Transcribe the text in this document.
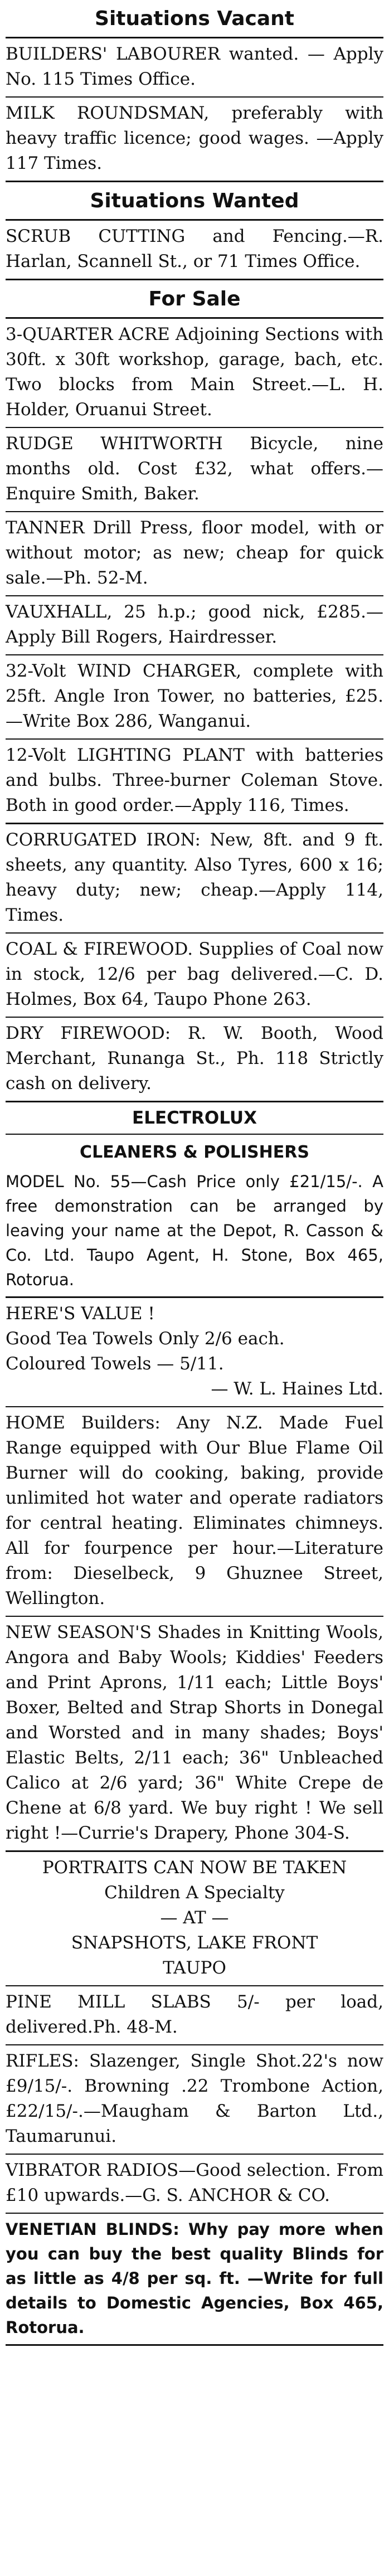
Situations Vacant
BUILDERS' LABOURER wanted. — Apply No. 115 Times Office.
MILK ROUNDSMAN, preferably with heavy traffic licence; good wages. —Apply 117 Times.
Situations Wanted
SCRUB CUTTING and Fencing.—R. Harlan, Scannell St., or 71 Times Office.
For Sale
3-QUARTER ACRE Adjoining Sections with 30ft. x 30ft workshop, garage, bach, etc. Two blocks from Main Street.—L. H. Holder, Oruanui Street.
RUDGE WHITWORTH Bicycle, nine months old. Cost £32, what offers.—Enquire Smith, Baker.
TANNER Drill Press, floor model, with or without motor; as new; cheap for quick sale.—Ph. 52-M.
VAUXHALL, 25 h.p.; good nick, £285.—Apply Bill Rogers, Hairdresser.
32-Volt WIND CHARGER, complete with 25ft. Angle Iron Tower, no batteries, £25.—Write Box 286, Wanganui.
12-Volt LIGHTING PLANT with batteries and bulbs. Three-burner Coleman Stove. Both in good order.—Apply 116, Times.
CORRUGATED IRON: New, 8ft. and 9 ft. sheets, any quantity. Also Tyres, 600 x 16; heavy duty; new; cheap.—Apply 114, Times.
COAL & FIREWOOD. Supplies of Coal now in stock, 12/6 per bag delivered.—C. D. Holmes, Box 64, Taupo Phone 263.
DRY FIREWOOD: R. W. Booth, Wood Merchant, Runanga St., Ph. 118 Strictly cash on delivery.
ELECTROLUX
CLEANERS & POLISHERS
MODEL No. 55—Cash Price only £21/15/-. A free demonstration can be arranged by leaving your name at the Depot, R. Casson & Co. Ltd. Taupo Agent, H. Stone, Box 465, Rotorua.
HERE'S VALUE !
Good Tea Towels Only 2/6 each.
Coloured Towels — 5/11.
— W. L. Haines Ltd.
HOME Builders: Any N.Z. Made Fuel Range equipped with Our Blue Flame Oil Burner will do cooking, baking, provide unlimited hot water and operate radiators for central heating. Eliminates chimneys. All for fourpence per hour.—Literature from: Dieselbeck, 9 Ghuznee Street, Wellington.
NEW SEASON'S Shades in Knitting Wools, Angora and Baby Wools; Kiddies' Feeders and Print Aprons, 1/11 each; Little Boys' Boxer, Belted and Strap Shorts in Donegal and Worsted and in many shades; Boys' Elastic Belts, 2/11 each; 36" Unbleached Calico at 2/6 yard; 36" White Crepe de Chene at 6/8 yard. We buy right ! We sell right !—Currie's Drapery, Phone 304-S.
PORTRAITS CAN NOW BE TAKEN
Children A Specialty
— AT —
SNAPSHOTS, LAKE FRONT
TAUPO
PINE MILL SLABS 5/- per load, delivered.Ph. 48-M.
RIFLES: Slazenger, Single Shot.22's now £9/15/-. Browning .22 Trombone Action, £22/15/-.—Maugham & Barton Ltd., Taumarunui.
VIBRATOR RADIOS—Good selection. From £10 upwards.—G. S. ANCHOR & CO.
VENETIAN BLINDS: Why pay more when you can buy the best quality Blinds for as little as 4/8 per sq. ft. —Write for full details to Domestic Agencies, Box 465, Rotorua.
